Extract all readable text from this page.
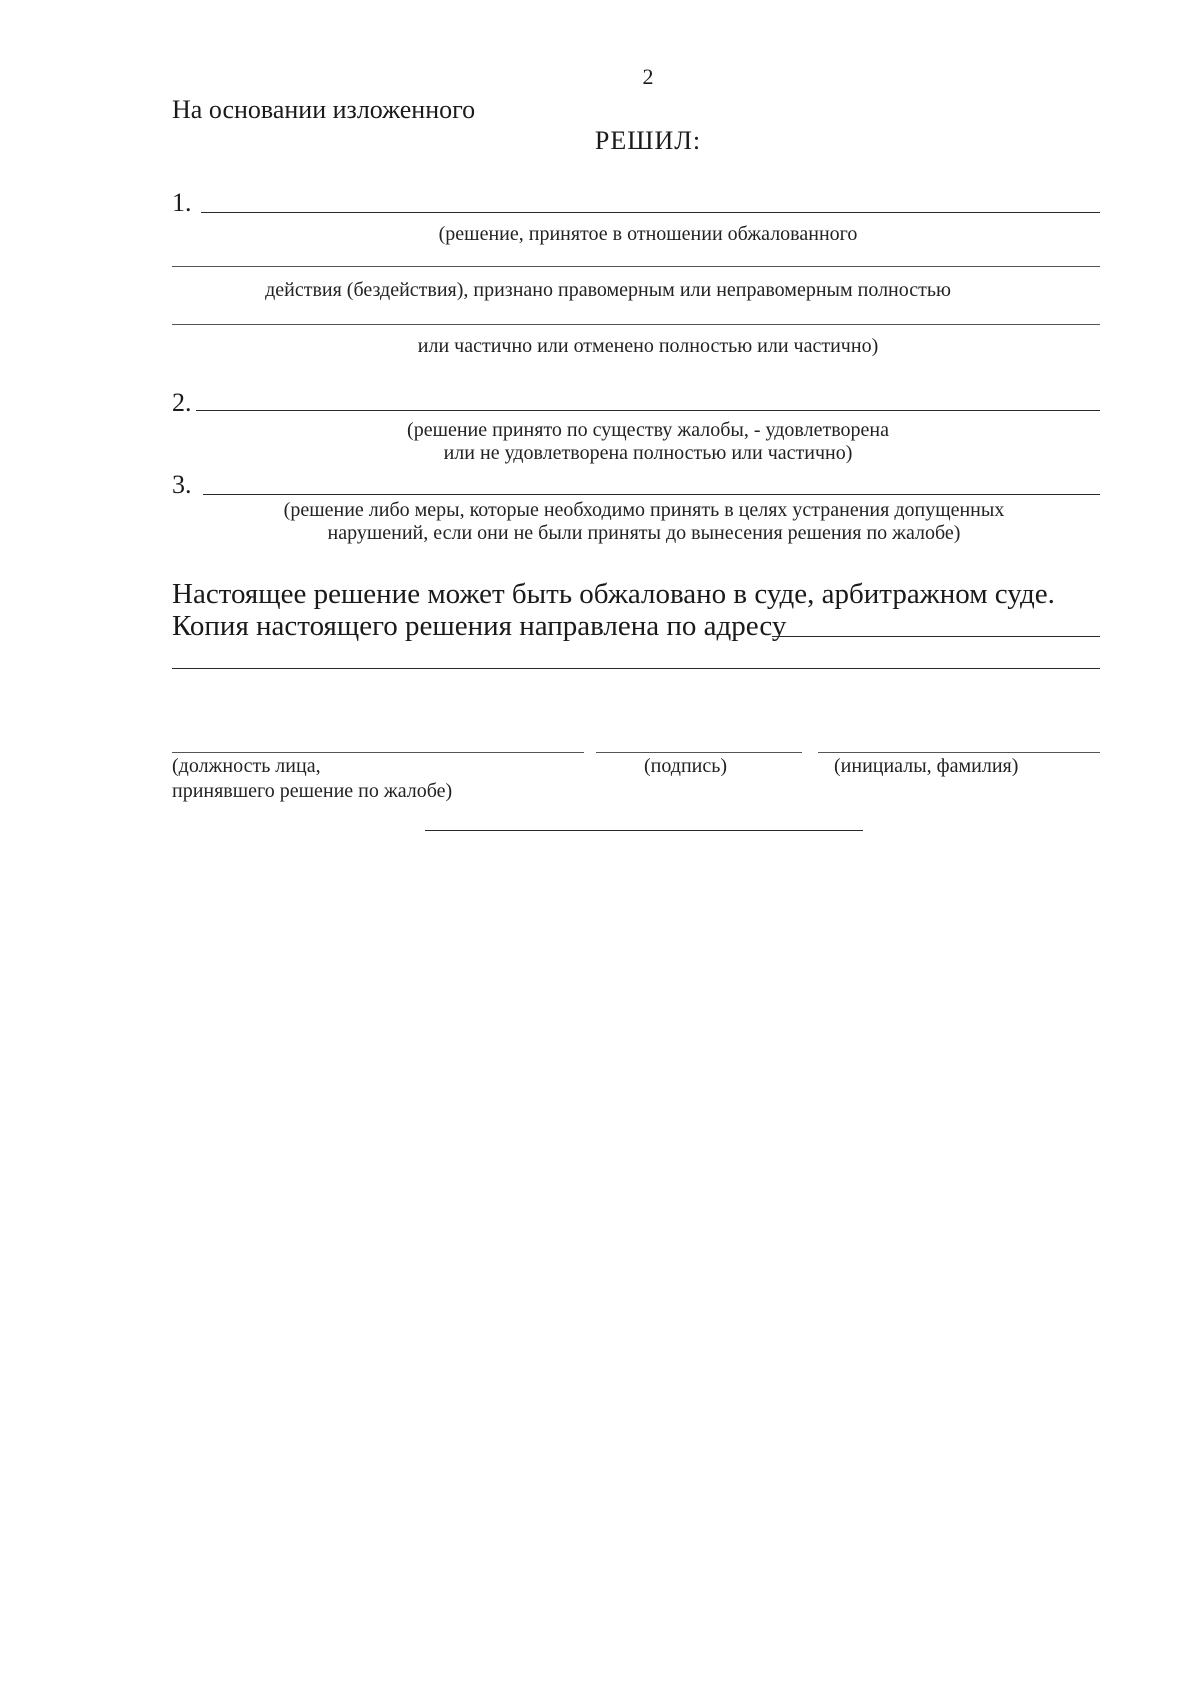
2
На основании изложенного
РЕШИЛ:
1.
(решение, принятое в отношении обжалованного
действия (бездействия), признано правомерным или неправомерным полностью
или частично или отменено полностью или частично)
2.
(решение принято по существу жалобы, - удовлетворена
или не удовлетворена полностью или частично)
3.
(решение либо меры, которые необходимо принять в целях устранения допущенных
нарушений, если они не были приняты до вынесения решения по жалобе)
Настоящее решение может быть обжаловано в суде, арбитражном суде.
Копия настоящего решения направлена по адресу
(должность лица,
принявшего решение по жалобе)
(подпись)	(инициалы, фамилия)
